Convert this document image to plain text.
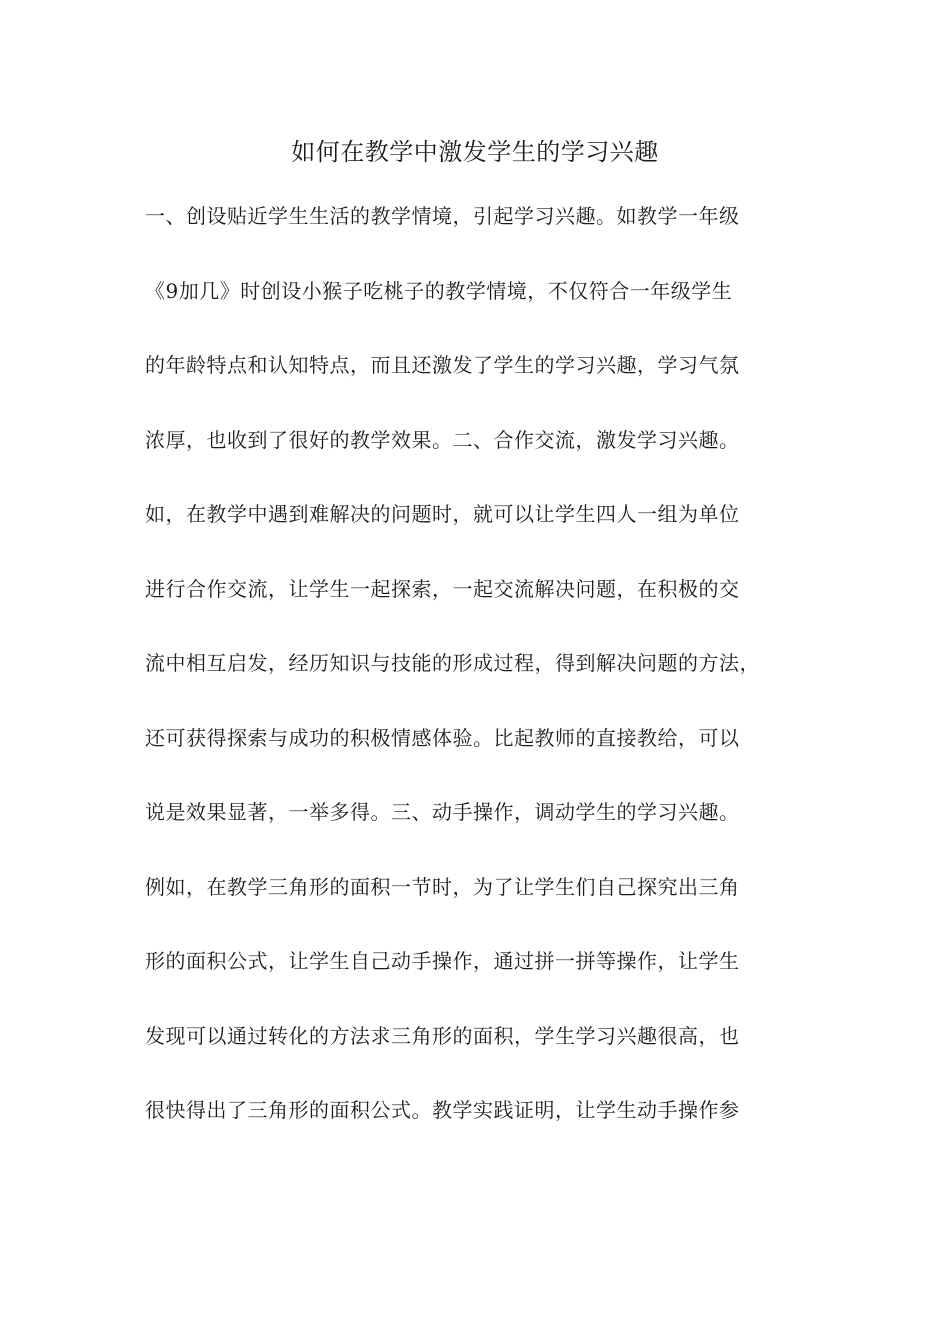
如何在教学中激发学生的学习兴趣
一、创设贴近学生生活的教学情境，引起学习兴趣。如教学一年级
《9加几》时创设小猴子吃桃子的教学情境，不仅符合一年级学生
的年龄特点和认知特点，而且还激发了学生的学习兴趣，学习气氛
浓厚，也收到了很好的教学效果。二、合作交流，激发学习兴趣。
如，在教学中遇到难解决的问题时，就可以让学生四人一组为单位
进行合作交流，让学生一起探索，一起交流解决问题，在积极的交
流中相互启发，经历知识与技能的形成过程，得到解决问题的方法，
还可获得探索与成功的积极情感体验。比起教师的直接教给，可以
说是效果显著，一举多得。三、动手操作，调动学生的学习兴趣。
例如，在教学三角形的面积一节时，为了让学生们自己探究出三角
形的面积公式，让学生自己动手操作，通过拼一拼等操作，让学生
发现可以通过转化的方法求三角形的面积，学生学习兴趣很高，也
很快得出了三角形的面积公式。教学实践证明，让学生动手操作参
